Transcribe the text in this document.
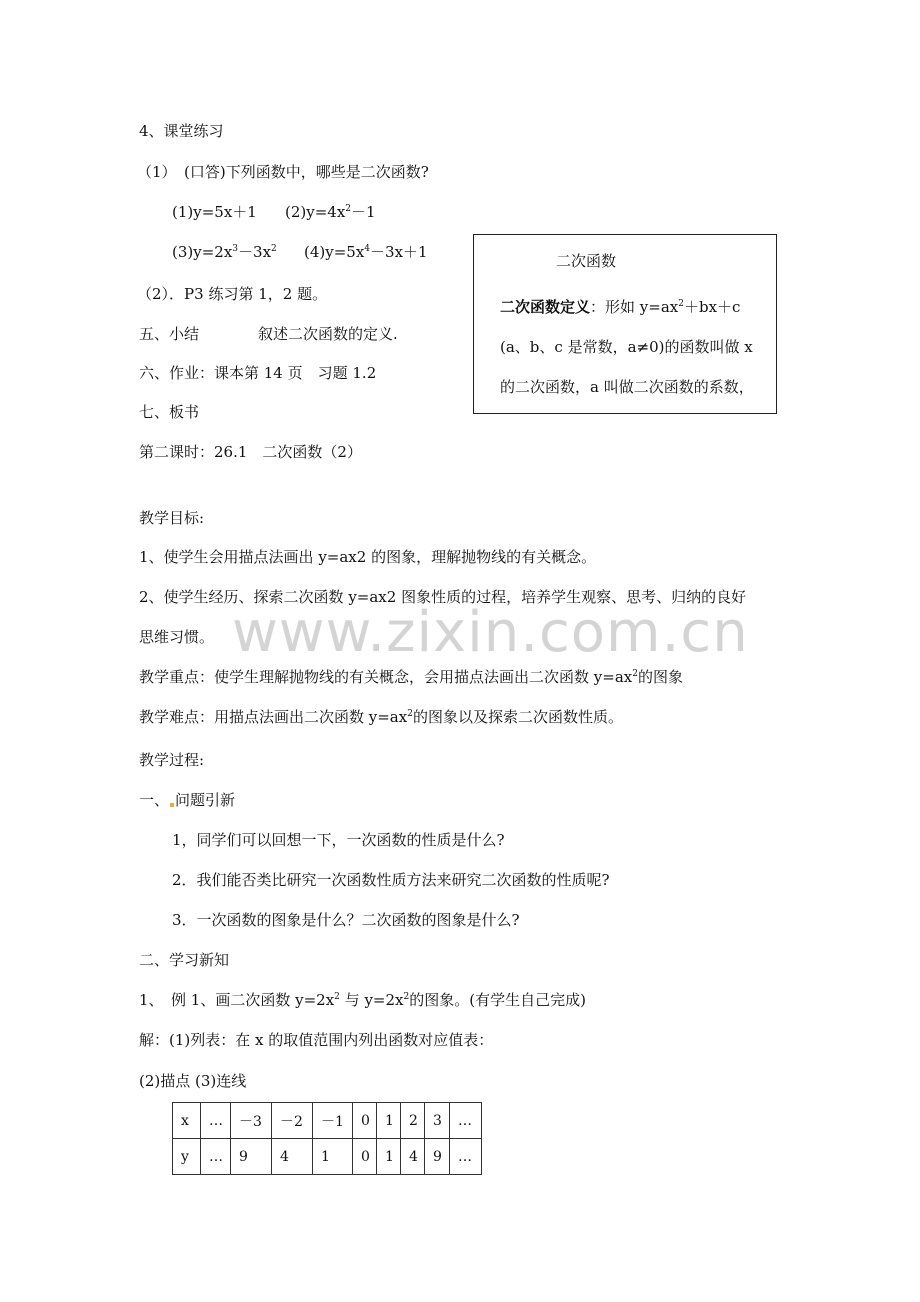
www.zixin.com.cn
4、课堂练习
（1）　(口答)下列函数中，哪些是二次函数?
(1)y=5x＋1 $(2)y=4x^2-1$
$(3)y=2x^3-3x^2$ $(4)y=5x^4-3x+1$
（2）．P3 练习第 1，2 题。
五、小结	叙述二次函数的定义.
六、作业：课本第 14 页　习题 1.2
七、板书
第二课时：26.1　二次函数（2）
二次函数
二次函数定义：形如 $y=ax^2+bx+c$
(a、b、c 是常数，a≠0)的函数叫做 x
的二次函数，a 叫做二次函数的系数，
教学目标:
1、使学生会用描点法画出 y=ax2 的图象，理解抛物线的有关概念。
2、使学生经历、探索二次函数 y=ax2 图象性质的过程，培养学生观察、思考、归纳的良好
思维习惯。
教学重点：使学生理解抛物线的有关概念，会用描点法画出二次函数 $y=ax^2$的图象
教学难点：用描点法画出二次函数 $y=ax^2$的图象以及探索二次函数性质。
教学过程:
一、 问题引新
1，同学们可以回想一下，一次函数的性质是什么?
2．我们能否类比研究一次函数性质方法来研究二次函数的性质呢?
3．一次函数的图象是什么？二次函数的图象是什么?
二、学习新知
1、　例 1、画二次函数 $y=2x^2$ 与 $y=2x^2$的图象。(有学生自己完成)
解：(1)列表：在 x 的取值范围内列出函数对应值表：
(2)描点 (3)连线
x	…	－3	－2	－1	0	1	2	3	…
y	…	9	4	1	0	1	4	9	…
